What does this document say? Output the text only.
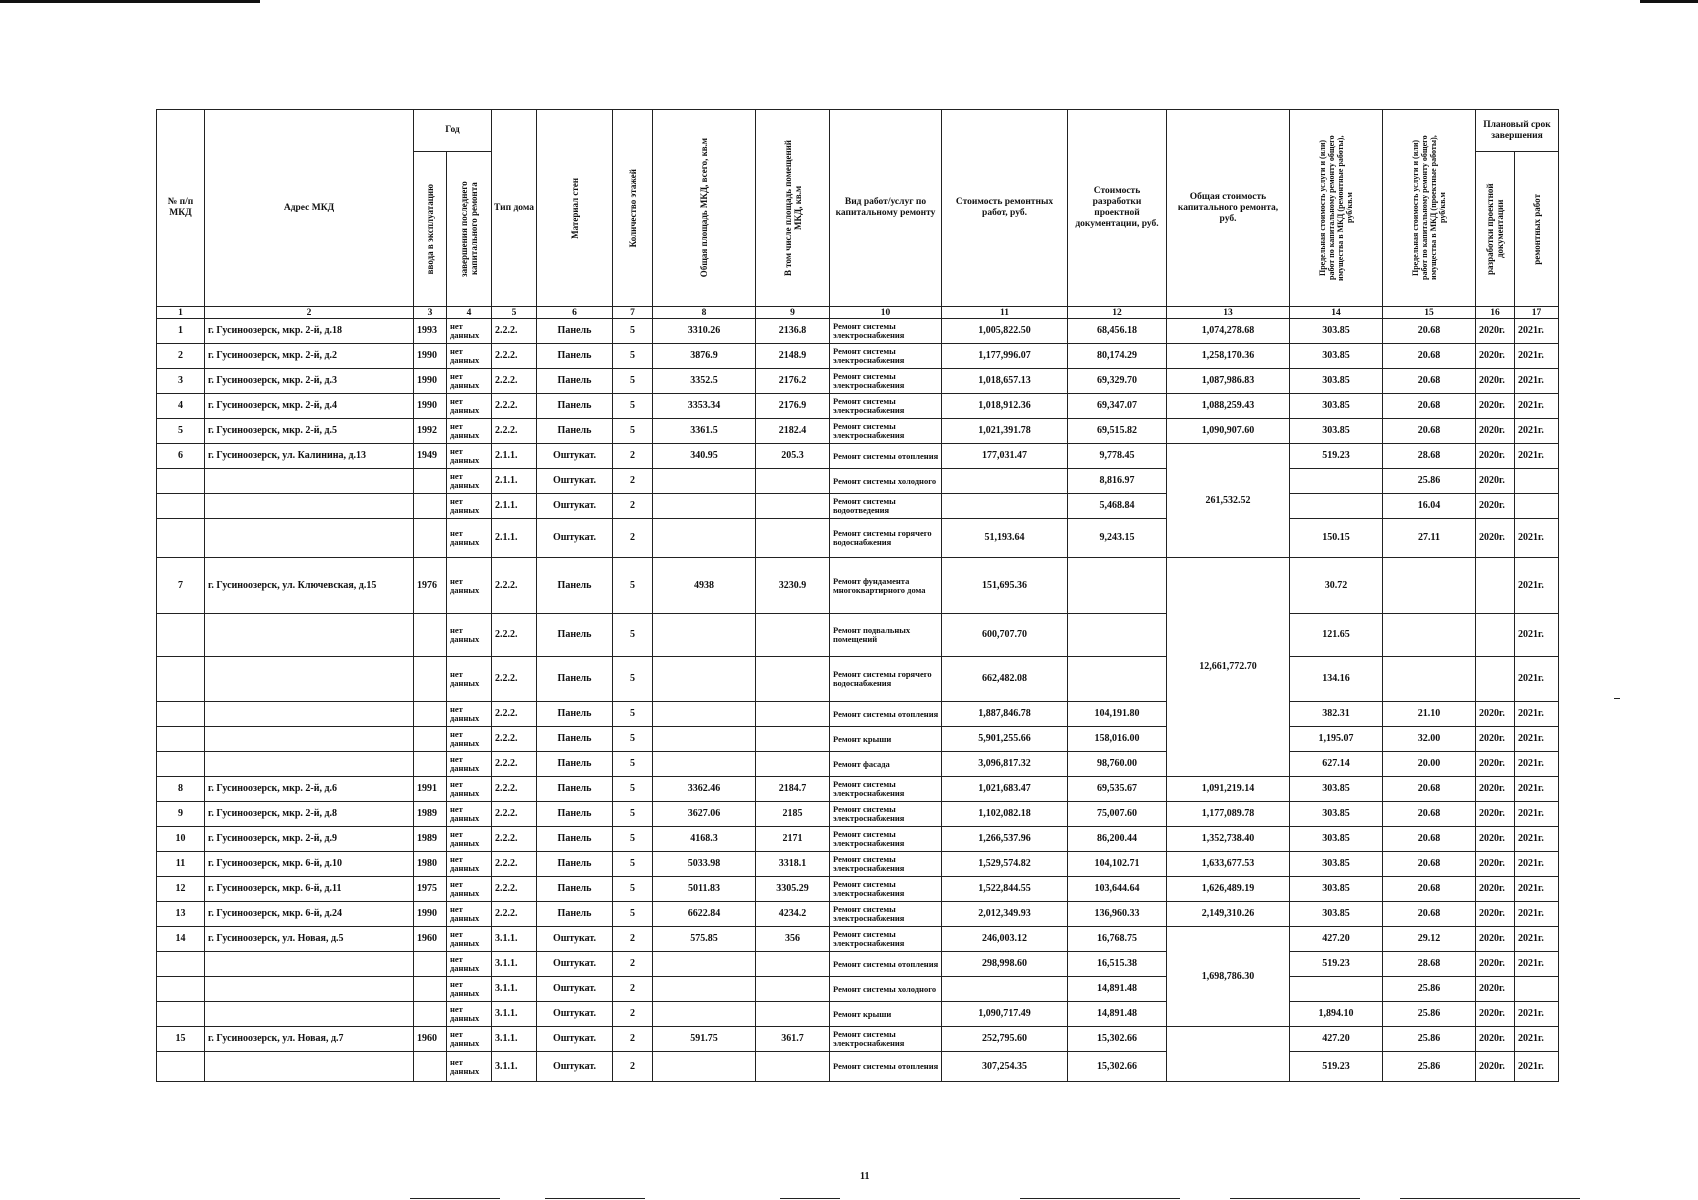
№ п/п МКД	Адрес МКД	Год		Тип дома	Материал стен	Количество этажей	Общая площадь МКД, всего, кв.м	В том числе площадь помещений МКД, кв.м	Вид работ/услуг по капитальному ремонту	Стоимость ремонтных работ, руб.	Стоимость разработки проектной документации, руб.	Общая стоимость капитального ремонта, руб.	Предельная стоимость услуги и (или) работ по капитальному ремонту общего имущества в МКД (ремонтные работы), руб/кв.м	Предельная стоимость услуги и (или) работ по капитальному ремонту общего имущества в МКД (проектные работы), руб/кв.м	Плановый срок завершения	

		ввода в эксплуатацию	завершения последнего капитального ремонта												разработки проектной документации	ремонтных работ

1	2	3	4	5	6	7	8	9	10	11	12	13	14	15	16	17
1	г. Гусиноозерск, мкр. 2-й, д.18	1993	нет данных	2.2.2.	Панель	5	3310.26	2136.8	Ремонт системы электроснабжения	1,005,822.50	68,456.18	1,074,278.68	303.85	20.68	2020г.	2021г.
2	г. Гусиноозерск, мкр. 2-й, д.2	1990	нет данных	2.2.2.	Панель	5	3876.9	2148.9	Ремонт системы электроснабжения	1,177,996.07	80,174.29	1,258,170.36	303.85	20.68	2020г.	2021г.
3	г. Гусиноозерск, мкр. 2-й, д.3	1990	нет данных	2.2.2.	Панель	5	3352.5	2176.2	Ремонт системы электроснабжения	1,018,657.13	69,329.70	1,087,986.83	303.85	20.68	2020г.	2021г.
4	г. Гусиноозерск, мкр. 2-й, д.4	1990	нет данных	2.2.2.	Панель	5	3353.34	2176.9	Ремонт системы электроснабжения	1,018,912.36	69,347.07	1,088,259.43	303.85	20.68	2020г.	2021г.
5	г. Гусиноозерск, мкр. 2-й, д.5	1992	нет данных	2.2.2.	Панель	5	3361.5	2182.4	Ремонт системы электроснабжения	1,021,391.78	69,515.82	1,090,907.60	303.85	20.68	2020г.	2021г.
6	г. Гусиноозерск, ул. Калинина, д.13	1949	нет данных	2.1.1.	Оштукат.	2	340.95	205.3	Ремонт системы отопления	177,031.47	9,778.45	261,532.52	519.23	28.68	2020г.	2021г.
			нет данных	2.1.1.	Оштукат.	2			Ремонт системы холодного		8,816.97			25.86	2020г.	
			нет данных	2.1.1.	Оштукат.	2			Ремонт системы водоотведения		5,468.84			16.04	2020г.	
			нет данных	2.1.1.	Оштукат.	2			Ремонт системы горячего водоснабжения	51,193.64	9,243.15		150.15	27.11	2020г.	2021г.
7	г. Гусиноозерск, ул. Ключевская, д.15	1976	нет данных	2.2.2.	Панель	5	4938	3230.9	Ремонт фундамента многоквартирного дома	151,695.36		12,661,772.70	30.72			2021г.
			нет данных	2.2.2.	Панель	5			Ремонт подвальных помещений	600,707.70			121.65			2021г.
			нет данных	2.2.2.	Панель	5			Ремонт системы горячего водоснабжения	662,482.08			134.16			2021г.
			нет данных	2.2.2.	Панель	5			Ремонт системы отопления	1,887,846.78	104,191.80		382.31	21.10	2020г.	2021г.
			нет данных	2.2.2.	Панель	5			Ремонт крыши	5,901,255.66	158,016.00		1,195.07	32.00	2020г.	2021г.
			нет данных	2.2.2.	Панель	5			Ремонт фасада	3,096,817.32	98,760.00		627.14	20.00	2020г.	2021г.
8	г. Гусиноозерск, мкр. 2-й, д.6	1991	нет данных	2.2.2.	Панель	5	3362.46	2184.7	Ремонт системы электроснабжения	1,021,683.47	69,535.67	1,091,219.14	303.85	20.68	2020г.	2021г.
9	г. Гусиноозерск, мкр. 2-й, д.8	1989	нет данных	2.2.2.	Панель	5	3627.06	2185	Ремонт системы электроснабжения	1,102,082.18	75,007.60	1,177,089.78	303.85	20.68	2020г.	2021г.
10	г. Гусиноозерск, мкр. 2-й, д.9	1989	нет данных	2.2.2.	Панель	5	4168.3	2171	Ремонт системы электроснабжения	1,266,537.96	86,200.44	1,352,738.40	303.85	20.68	2020г.	2021г.
11	г. Гусиноозерск, мкр. 6-й, д.10	1980	нет данных	2.2.2.	Панель	5	5033.98	3318.1	Ремонт системы электроснабжения	1,529,574.82	104,102.71	1,633,677.53	303.85	20.68	2020г.	2021г.
12	г. Гусиноозерск, мкр. 6-й, д.11	1975	нет данных	2.2.2.	Панель	5	5011.83	3305.29	Ремонт системы электроснабжения	1,522,844.55	103,644.64	1,626,489.19	303.85	20.68	2020г.	2021г.
13	г. Гусиноозерск, мкр. 6-й, д.24	1990	нет данных	2.2.2.	Панель	5	6622.84	4234.2	Ремонт системы электроснабжения	2,012,349.93	136,960.33	2,149,310.26	303.85	20.68	2020г.	2021г.
14	г. Гусиноозерск, ул. Новая, д.5	1960	нет данных	3.1.1.	Оштукат.	2	575.85	356	Ремонт системы электроснабжения	246,003.12	16,768.75	1,698,786.30	427.20	29.12	2020г.	2021г.
			нет данных	3.1.1.	Оштукат.	2			Ремонт системы отопления	298,998.60	16,515.38		519.23	28.68	2020г.	2021г.
			нет данных	3.1.1.	Оштукат.	2			Ремонт системы холодного		14,891.48			25.86	2020г.	
			нет данных	3.1.1.	Оштукат.	2			Ремонт крыши	1,090,717.49	14,891.48		1,894.10	25.86	2020г.	2021г.
15	г. Гусиноозерск, ул. Новая, д.7	1960	нет данных	3.1.1.	Оштукат.	2	591.75	361.7	Ремонт системы электроснабжения	252,795.60	15,302.66		427.20	25.86	2020г.	2021г.
			нет данных	3.1.1.	Оштукат.	2			Ремонт системы отопления	307,254.35	15,302.66		519.23	25.86	2020г.	2021г.
11
